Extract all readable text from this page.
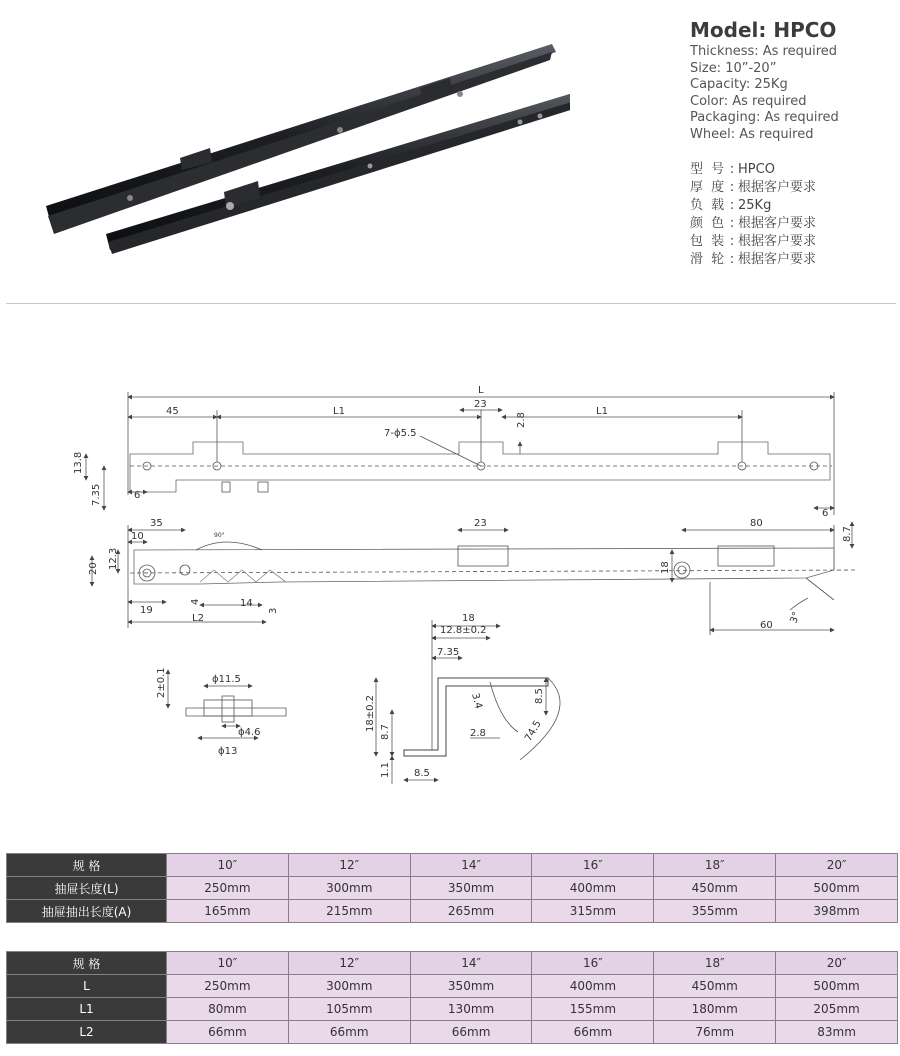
Model: HPCO
Thickness: As required
Size: 10”-20”
Capacity: 25Kg
Color: As required
Packaging: As required
Wheel: As required
型 号 : HPCO
厚 度 : 根据客户要求
负 载 : 25Kg
颜 色 : 根据客户要求
包 装 : 根据客户要求
滑 轮 : 根据客户要求
L
45	L1
23
L1
7-ϕ5.5
2.8
13.8
7.35	6
6
35
10	90°
23	80
8.7
20 12.3
4	14
3
19
L2
18
60
3°
2±0.1	ϕ11.5
ϕ4.6
ϕ13
18
12.8±0.2
7.35
3.4	8.5
18±0.2
8.7	2.8	74.5
1.1 8.5
规 格	10″	12″	14″	16″	18″	20″
抽屉长度(L)	250mm	300mm	350mm	400mm	450mm	500mm
抽屉抽出长度(A)	165mm	215mm	265mm	315mm	355mm	398mm
规 格	10″	12″	14″	16″	18″	20″
L	250mm	300mm	350mm	400mm	450mm	500mm
L1	80mm	105mm	130mm	155mm	180mm	205mm
L2	66mm	66mm	66mm	66mm	76mm	83mm
